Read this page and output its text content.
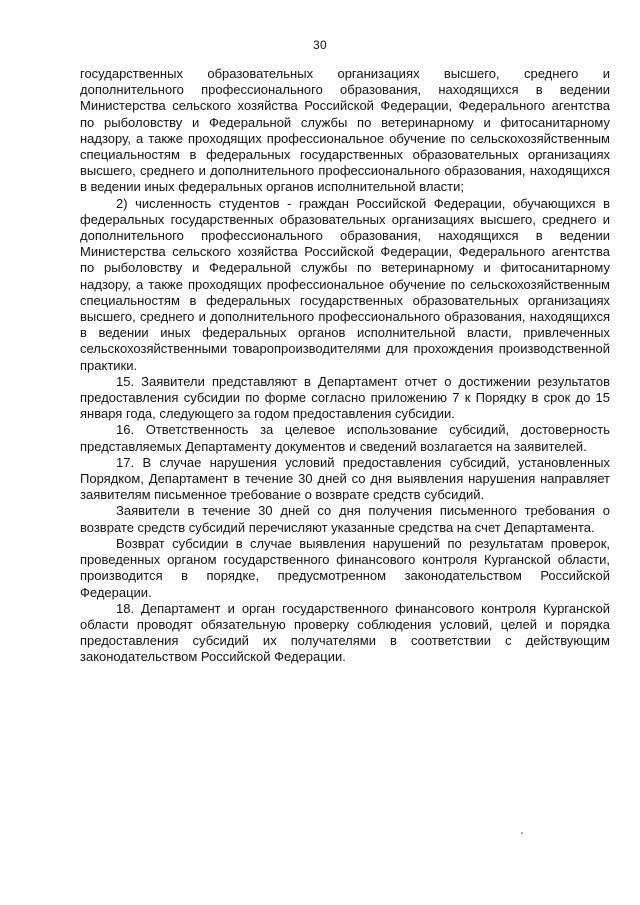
30

государственных образовательных организациях высшего, среднего и дополнительного профессионального образования, находящихся в ведении Министерства сельского хозяйства Российской Федерации, Федерального агентства по рыболовству и Федеральной службы по ветеринарному и фитосанитарному надзору, а также проходящих профессиональное обучение по сельскохозяйственным специальностям в федеральных государственных образовательных организациях высшего, среднего и дополнительного профессионального образования, находящихся в ведении иных федеральных органов исполнительной власти;

2) численность студентов - граждан Российской Федерации, обучающихся в федеральных государственных образовательных организациях высшего, среднего и дополнительного профессионального образования, находящихся в ведении Министерства сельского хозяйства Российской Федерации, Федерального агентства по рыболовству и Федеральной службы по ветеринарному и фитосанитарному надзору, а также проходящих профессиональное обучение по сельскохозяйственным специальностям в федеральных государственных образовательных организациях высшего, среднего и дополнительного профессионального образования, находящихся в ведении иных федеральных органов исполнительной власти, привлеченных сельскохозяйственными товаропроизводителями для прохождения производственной практики.

15. Заявители представляют в Департамент отчет о достижении результатов предоставления субсидии по форме согласно приложению 7 к Порядку в срок до 15 января года, следующего за годом предоставления субсидии.

16. Ответственность за целевое использование субсидий, достоверность представляемых Департаменту документов и сведений возлагается на заявителей.

17. В случае нарушения условий предоставления субсидий, установленных Порядком, Департамент в течение 30 дней со дня выявления нарушения направляет заявителям письменное требование о возврате средств субсидий.

Заявители в течение 30 дней со дня получения письменного требования о возврате средств субсидий перечисляют указанные средства на счет Департамента.

Возврат субсидии в случае выявления нарушений по результатам проверок, проведенных органом государственного финансового контроля Курганской области, производится в порядке, предусмотренном законодательством Российской Федерации.

18. Департамент и орган государственного финансового контроля Курганской области проводят обязательную проверку соблюдения условий, целей и порядка предоставления субсидий их получателями в соответствии с действующим законодательством Российской Федерации.
